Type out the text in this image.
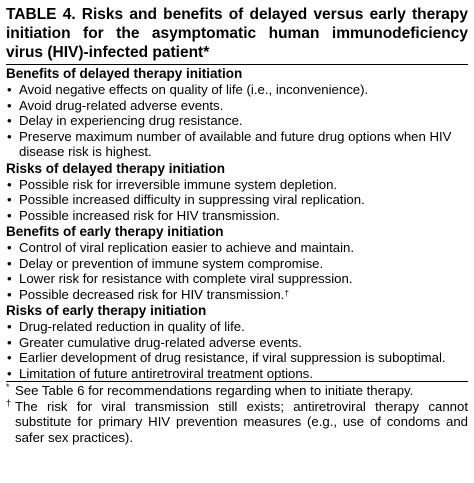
TABLE 4. Risks and benefits of delayed versus early therapy initiation for the asymptomatic human immunodeficiency virus (HIV)-infected patient*

Benefits of delayed therapy initiation

• Avoid negative effects on quality of life (i.e., inconvenience).
• Avoid drug-related adverse events.
• Delay in experiencing drug resistance.
• Preserve maximum number of available and future drug options when HIV disease risk is highest.

Risks of delayed therapy initiation

• Possible risk for irreversible immune system depletion.
• Possible increased difficulty in suppressing viral replication.
• Possible increased risk for HIV transmission.

Benefits of early therapy initiation

• Control of viral replication easier to achieve and maintain.
• Delay or prevention of immune system compromise.
• Lower risk for resistance with complete viral suppression.
• Possible decreased risk for HIV transmission.†

Risks of early therapy initiation

• Drug-related reduction in quality of life.
• Greater cumulative drug-related adverse events.
• Earlier development of drug resistance, if viral suppression is suboptimal.
• Limitation of future antiretroviral treatment options.
* See Table 6 for recommendations regarding when to initiate therapy.
† The risk for viral transmission still exists; antiretroviral therapy cannot substitute for primary HIV prevention measures (e.g., use of condoms and safer sex practices).
